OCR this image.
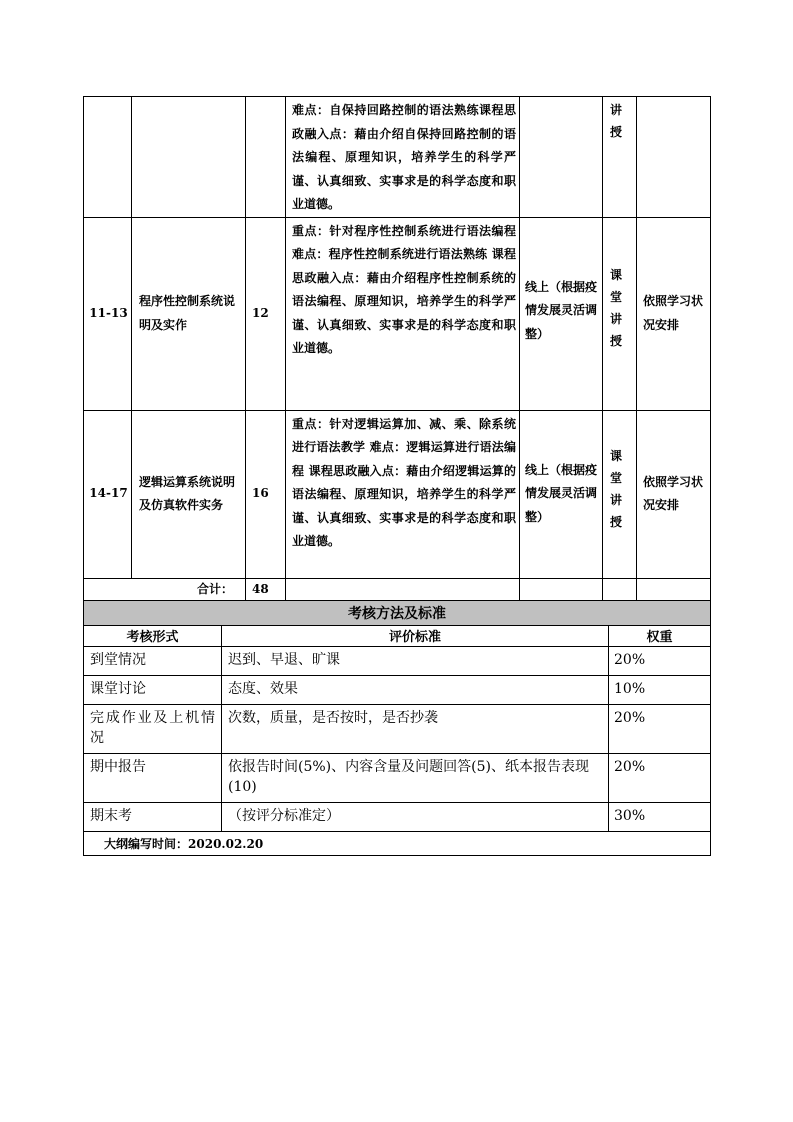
			难点：自保持回路控制的语法熟练课程思政融入点：藉由介绍自保持回路控制的语法编程、原理知识，培养学生的科学严谨、认真细致、实事求是的科学态度和职业道德。		讲授	

11-13	程序性控制系统说明及实作	12	重点：针对程序性控制系统进行语法编程 难点：程序性控制系统进行语法熟练 课程思政融入点：藉由介绍程序性控制系统的语法编程、原理知识，培养学生的科学严谨、认真细致、实事求是的科学态度和职业道德。	线上（根据疫情发展灵活调整）	课堂讲授	依照学习状况安排
14-17	逻辑运算系统说明及仿真软件实务	16	重点：针对逻辑运算加、减、乘、除系统进行语法教学 难点：逻辑运算进行语法编程 课程思政融入点：藉由介绍逻辑运算的语法编程、原理知识，培养学生的科学严谨、认真细致、实事求是的科学态度和职业道德。	线上（根据疫情发展灵活调整）	课堂讲授	依照学习状况安排
合计：		48				
考核方法及标准		
考核形式	评价标准	权重
到堂情况	迟到、早退、旷课	20%
课堂讨论	态度、效果	10%
完成作业及上机情况	次数，质量，是否按时，是否抄袭	20%
期中报告	依报告时间(5%)、内容含量及问题回答(5)、纸本报告表现(10)	20%
期末考	（按评分标准定）	30%
大纲编写时间：2020.02.20		
